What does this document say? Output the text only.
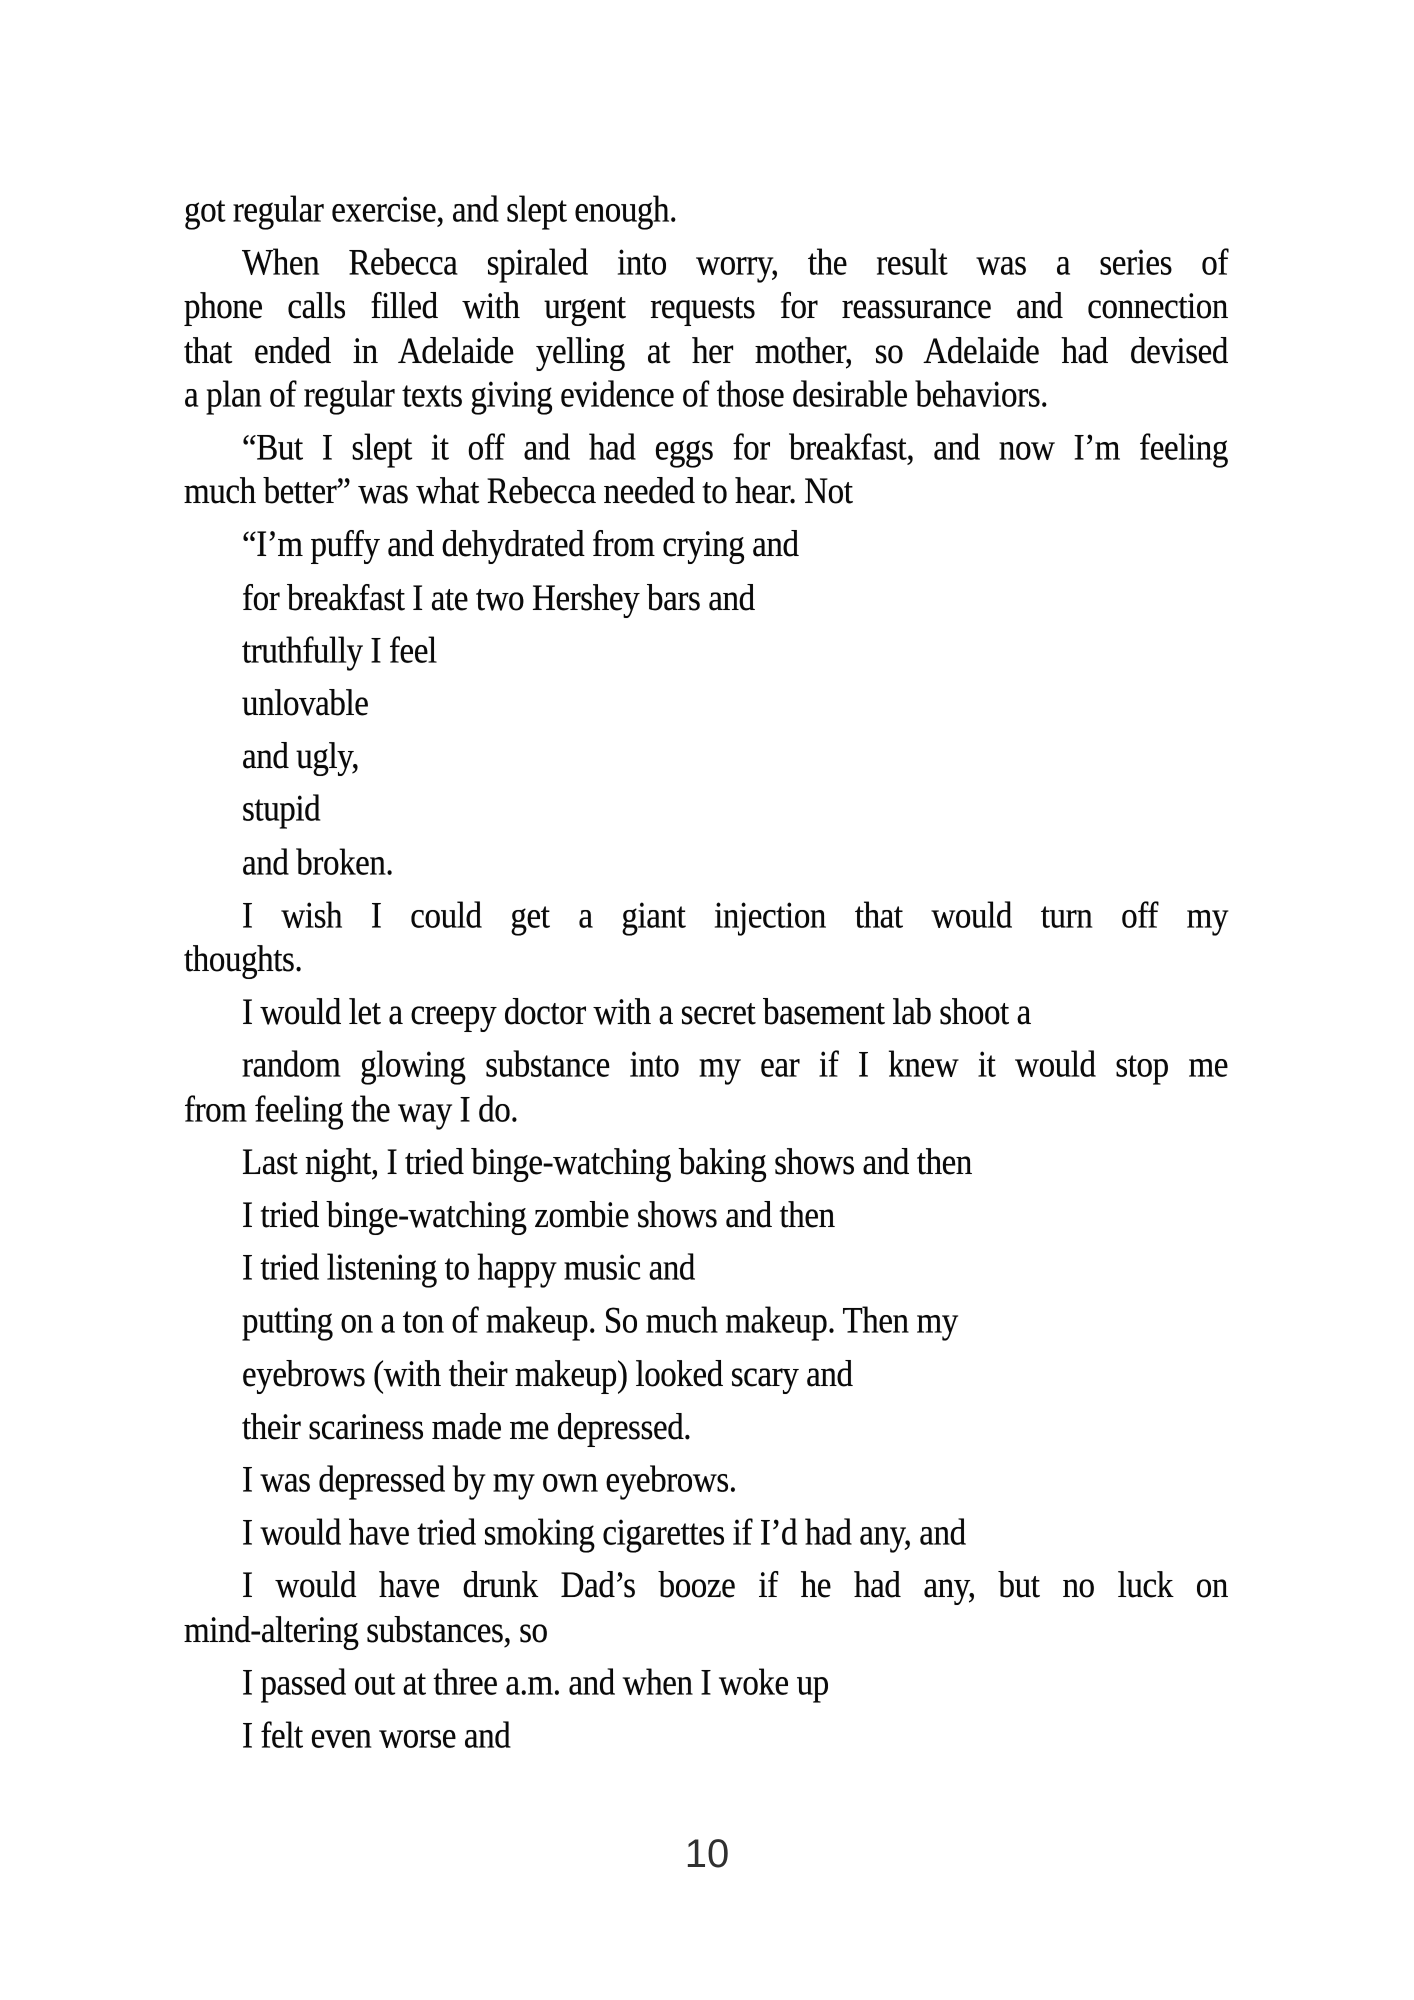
got regular exercise, and slept enough.
When Rebecca spiraled into worry, the result was a series of
phone calls filled with urgent requests for reassurance and connection
that ended in Adelaide yelling at her mother, so Adelaide had devised
a plan of regular texts giving evidence of those desirable behaviors.
“But I slept it off and had eggs for breakfast, and now I’m feeling
much better” was what Rebecca needed to hear. Not
“I’m puffy and dehydrated from crying and
for breakfast I ate two Hershey bars and
truthfully I feel
unlovable
and ugly,
stupid
and broken.
I wish I could get a giant injection that would turn off my
thoughts.
I would let a creepy doctor with a secret basement lab shoot a
random glowing substance into my ear if I knew it would stop me
from feeling the way I do.
Last night, I tried binge-watching baking shows and then
I tried binge-watching zombie shows and then
I tried listening to happy music and
putting on a ton of makeup. So much makeup. Then my
eyebrows (with their makeup) looked scary and
their scariness made me depressed.
I was depressed by my own eyebrows.
I would have tried smoking cigarettes if I’d had any, and
I would have drunk Dad’s booze if he had any, but no luck on
mind-altering substances, so
I passed out at three a.m. and when I woke up
I felt even worse and
10
